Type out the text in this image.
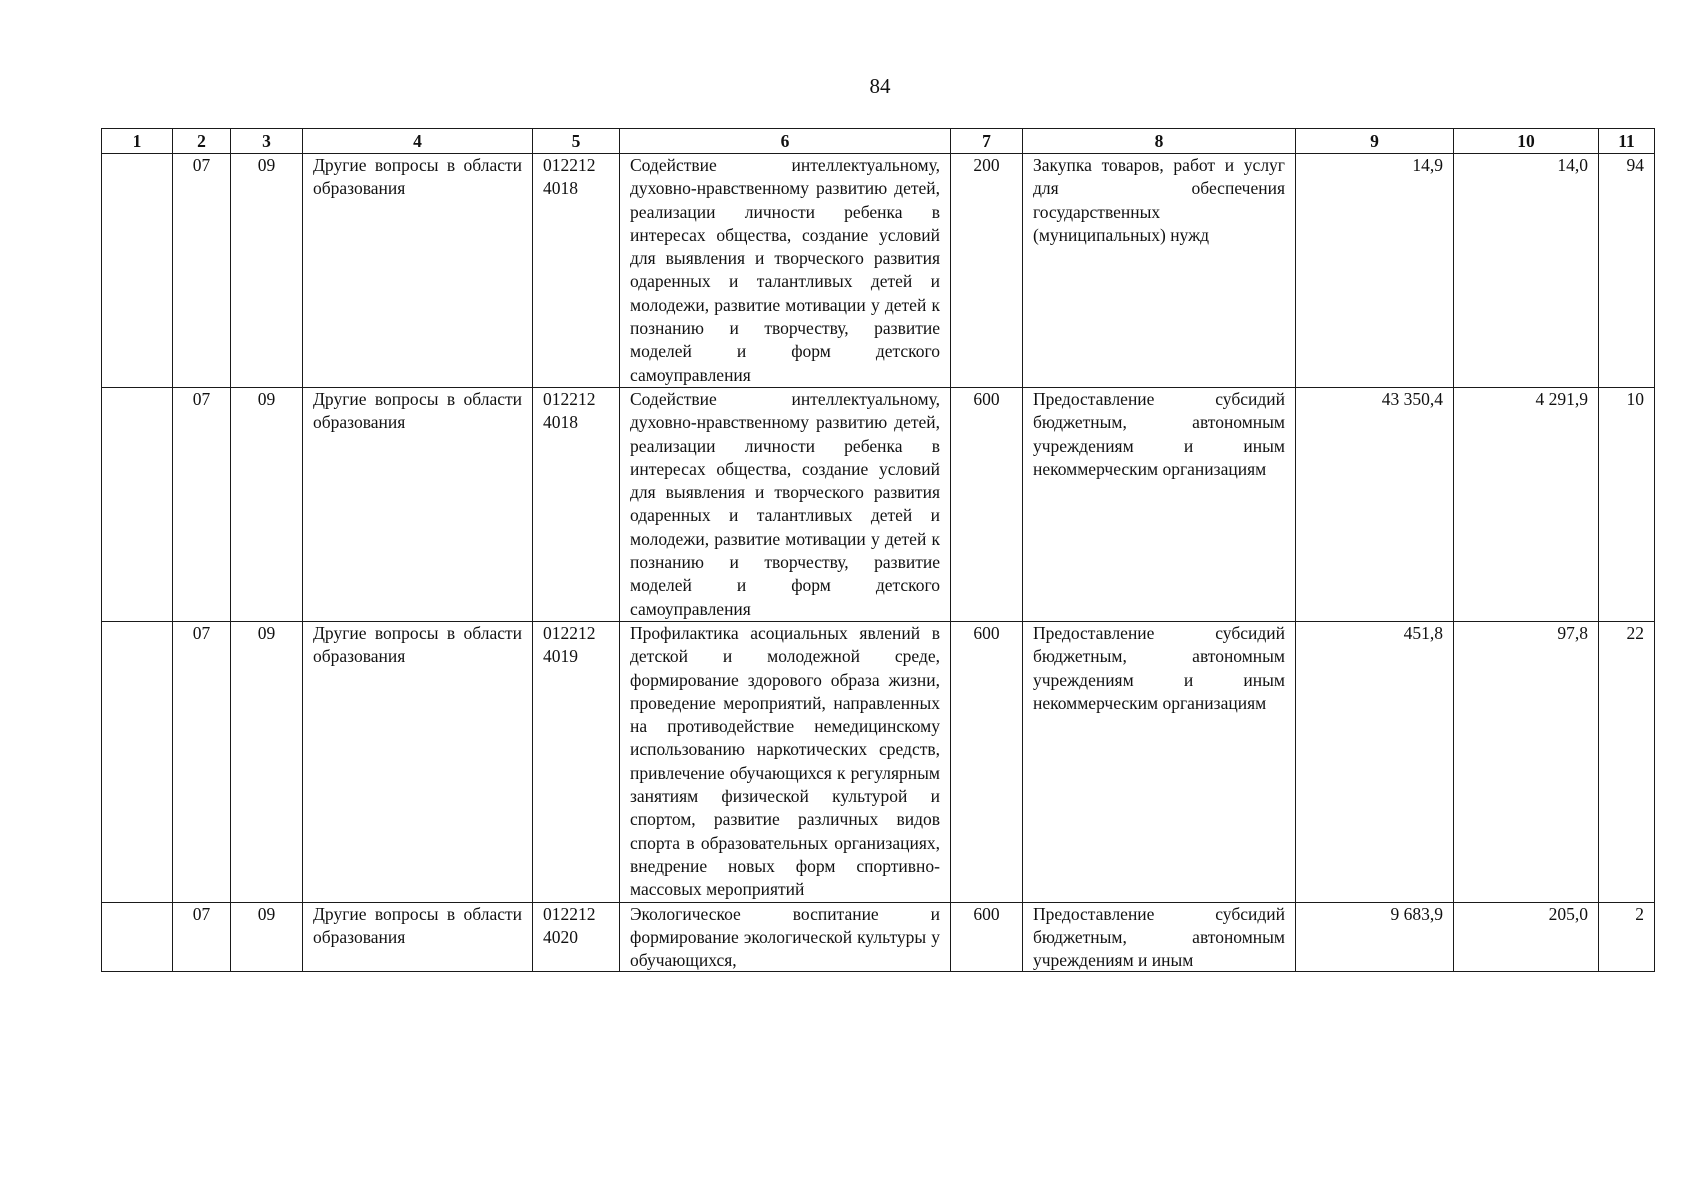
84
1	2	3	4	5	6	7	8	9	10	11
	07	09	Другие вопросы в области образования	012212 4018	Содействие интеллектуальному, духовно-нравственному развитию детей, реализации личности ребенка в интересах общества, создание условий для выявления и творческого развития одаренных и талантливых детей и молодежи, развитие мотивации у детей к познанию и творчеству, развитие моделей и форм детского самоуправления	200	Закупка товаров, работ и услуг для обеспечения государственных (муниципальных) нужд	14,9	14,0	94
	07	09	Другие вопросы в области образования	012212 4018	Содействие интеллектуальному, духовно-нравственному развитию детей, реализации личности ребенка в интересах общества, создание условий для выявления и творческого развития одаренных и талантливых детей и молодежи, развитие мотивации у детей к познанию и творчеству, развитие моделей и форм детского самоуправления	600	Предоставление субсидий бюджетным, автономным учреждениям и иным некоммерческим организациям	43 350,4	4 291,9	10
	07	09	Другие вопросы в области образования	012212 4019	Профилактика асоциальных явлений в детской и молодежной среде, формирование здорового образа жизни, проведение мероприятий, направленных на противодействие немедицинскому использованию наркотических средств, привлечение обучающихся к регулярным занятиям физической культурой и спортом, развитие различных видов спорта в образовательных организациях, внедрение новых форм спортивно-массовых мероприятий	600	Предоставление субсидий бюджетным, автономным учреждениям и иным некоммерческим организациям	451,8	97,8	22
	07	09	Другие вопросы в области образования	012212 4020	Экологическое воспитание и формирование экологической культуры у обучающихся,	600	Предоставление субсидий бюджетным, автономным учреждениям и иным	9 683,9	205,0	2
